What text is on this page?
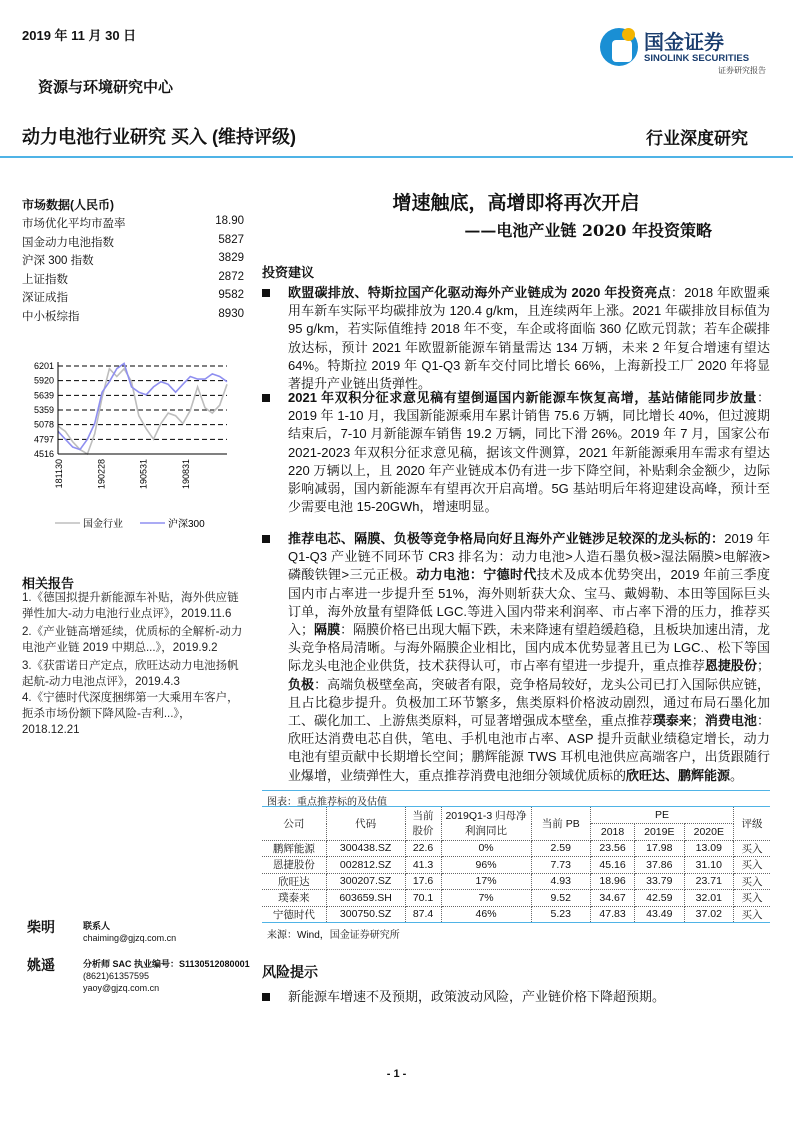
2019 年 11 月 30 日
资源与环境研究中心
动力电池行业研究 买入 (维持评级)	行业深度研究
国金证券
SINOLINK SECURITIES
证券研究报告
市场数据(人民币)
市场优化平均市盈率	18.90
国金动力电池指数	5827
沪深 300 指数	3829
上证指数	2872
深证成指	9582
中小板综指	8930
4516
4797
5078
5359
5639
5920
6201
181130	190228	190531	190831
国金行业	沪深300
相关报告
1.《德国拟提升新能源车补贴，海外供应链弹性加大-动力电池行业点评》，2019.11.6
2.《产业链高增延续，优质标的全解析-动力电池产业链 2019 中期总...》，2019.9.2
3.《获雷诺日产定点，欣旺达动力电池扬帆起航-动力电池点评》，2019.4.3
4.《宁德时代深度捆绑第一大乘用车客户，扼杀市场份额下降风险-吉利...》，2018.12.21
柴明	联系人
chaiming@gjzq.com.cn
姚遥	分析师 SAC 执业编号：S1130512080001
(8621)61357595
yaoy@gjzq.com.cn
增速触底，高增即将再次开启
——电池产业链 2020 年投资策略
投资建议
欧盟碳排放、特斯拉国产化驱动海外产业链成为 2020 年投资亮点：2018 年欧盟乘用车新车实际平均碳排放为 120.4 g/km，且连续两年上涨。2021 年碳排放目标值为 95 g/km，若实际值维持 2018 年不变，车企或将面临 360 亿欧元罚款；若车企碳排放达标，预计 2021 年欧盟新能源车销量需达 134 万辆，未来 2 年复合增速有望达 64%。特斯拉 2019 年 Q1-Q3 新车交付同比增长 66%，上海新投工厂 2020 年将显著提升产业链出货弹性。
2021 年双积分征求意见稿有望倒逼国内新能源车恢复高增，基站储能同步放量：2019 年 1-10 月，我国新能源乘用车累计销售 75.6 万辆，同比增长 40%，但过渡期结束后，7-10 月新能源车销售 19.2 万辆，同比下滑 26%。2019 年 7 月，国家公布 2021-2023 年双积分征求意见稿，据该文件测算，2021 年新能源乘用车需求有望达 220 万辆以上，且 2020 年产业链成本仍有进一步下降空间，补贴剩余金额少，边际影响减弱，国内新能源车有望再次开启高增。5G 基站明后年将迎建设高峰，预计至少需要电池 15-20GWh，增速明显。
推荐电芯、隔膜、负极等竞争格局向好且海外产业链涉足较深的龙头标的：2019 年 Q1-Q3 产业链不同环节 CR3 排名为：动力电池>人造石墨负极>湿法隔膜>电解液>磷酸铁锂>三元正极。动力电池：宁德时代技术及成本优势突出，2019 年前三季度国内市占率进一步提升至 51%，海外则斩获大众、宝马、戴姆勒、本田等国际巨头订单，海外放量有望降低 LGC.等进入国内带来利润率、市占率下滑的压力，推荐买入；隔膜：隔膜价格已出现大幅下跌，未来降速有望趋缓趋稳，且板块加速出清，龙头竞争格局清晰。与海外隔膜企业相比，国内成本优势显著且已为 LGC.、松下等国际龙头电池企业供货，技术获得认可，市占率有望进一步提升，重点推荐恩捷股份；负极：高端负极壁垒高，突破者有限，竞争格局较好，龙头公司已打入国际供应链，且占比稳步提升。负极加工环节繁多，焦类原料价格波动剧烈，通过布局石墨化加工、碳化加工、上游焦类原料，可显著增强成本壁垒，重点推荐璞泰来；消费电池：欣旺达消费电芯自供，笔电、手机电池市占率、ASP 提升贡献业绩稳定增长，动力电池有望贡献中长期增长空间；鹏辉能源 TWS 耳机电池供应高端客户，出货跟随行业爆增，业绩弹性大，重点推荐消费电池细分领域优质标的欣旺达、鹏辉能源。
图表：重点推荐标的及估值
公司	代码	当前股价	2019Q1-3 归母净利润同比	当前 PB	PE			评级
					2018	2019E	2020E	
鹏辉能源	300438.SZ	22.6	0%	2.59	23.56	17.98	13.09	买入
恩捷股份	002812.SZ	41.3	96%	7.73	45.16	37.86	31.10	买入
欣旺达	300207.SZ	17.6	17%	4.93	18.96	33.79	23.71	买入
璞泰来	603659.SH	70.1	7%	9.52	34.67	42.59	32.01	买入
宁德时代	300750.SZ	87.4	46%	5.23	47.83	43.49	37.02	买入
来源：Wind，国金证券研究所
风险提示
新能源车增速不及预期，政策波动风险，产业链价格下降超预期。
- 1 -
